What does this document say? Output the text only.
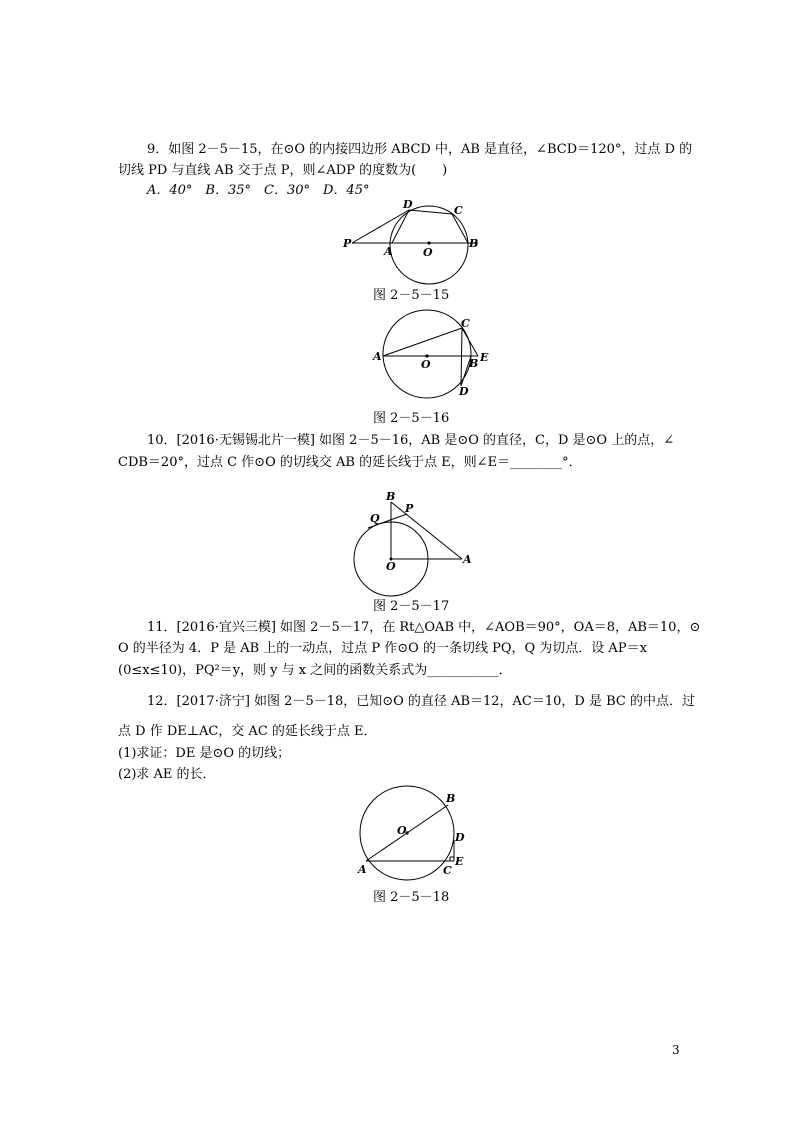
9．如图 2－5－15，在⊙O 的内接四边形 ABCD 中，AB 是直径，∠BCD＝120°，过点 D 的
切线 PD 与直线 AB 交于点 P，则∠ADP 的度数为(　　)
A．40°　B．35°　C．30°　D．45°
P
A	O
B
D	C
图 2－5－15
A
O	B
C
E
D
图 2－5－16
10．[2016·无锡锡北片一模] 如图 2－5－16，AB 是⊙O 的直径，C，D 是⊙O 上的点，∠
CDB＝20°，过点 C 作⊙O 的切线交 AB 的延长线于点 E，则∠E＝________°．
B
P
Q
O
A
图 2－5－17
11．[2016·宜兴三模] 如图 2－5－17，在 Rt△OAB 中，∠AOB＝90°，OA＝8，AB＝10，⊙
O 的半径为 4．P 是 AB 上的一动点，过点 P 作⊙O 的一条切线 PQ，Q 为切点．设 AP＝x
(0≤x≤10)，PQ²＝y，则 y 与 x 之间的函数关系式为___________．
12．[2017·济宁] 如图 2－5－18，已知⊙O 的直径 AB＝12，AC＝10，D 是 BC 的中点．过
点 D 作 DE⊥AC，交 AC 的延长线于点 E．
(1)求证：DE 是⊙O 的切线；
(2)求 AE 的长．
B
O
D
A	C
E
图 2－5－18
3
